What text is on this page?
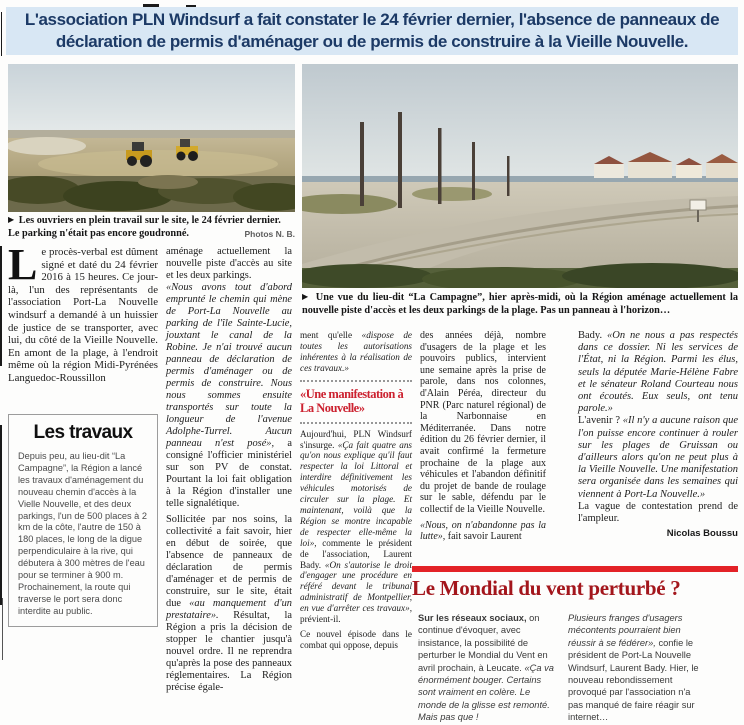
L'association PLN Windsurf a fait constater le 24 février dernier, l'absence de panneaux de déclaration de permis d'aménager ou de permis de construire à la Vieille Nouvelle.
▶ Les ouvriers en plein travail sur le site, le 24 février dernier.
Le parking n'était pas encore goudronné.	Photos N. B.
▶ Une vue du lieu-dit “La Campagne”, hier après-midi, où la Région aménage actuellement la nouvelle piste d'accès et les deux parkings de la plage. Pas un panneau à l'horizon…

Le procès-verbal est dûment signé et daté du 24 février 2016 à 15 heures. Ce jour-là, l'un des représentants de l'association Port-La Nouvelle windsurf a demandé à un huissier de justice de se transporter, avec lui, du côté de la Vieille Nouvelle. En amont de la plage, à l'endroit même où la région Midi-Pyrénées Languedoc-Roussillon

Les travaux
Depuis peu, au lieu-dit “La Campagne”, la Région a lancé les travaux d'aménagement du nouveau chemin d'accès à la Vielle Nouvelle, et des deux parkings, l'un de 500 places à 2 km de la côte, l'autre de 150 à 180 places, le long de la digue perpendiculaire à la rive, qui débutera à 300 mètres de l'eau pour se terminer à 900 m. Prochainement, la route qui traverse le port sera donc interdite au public.

aménage actuellement la nouvelle piste d'accès au site et les deux parkings.

«Nous avons tout d'abord emprunté le chemin qui mène de Port-La Nouvelle au parking de l'île Sainte-Lucie, jouxtant le canal de la Robine. Je n'ai trouvé aucun panneau de déclaration de permis d'aménager ou de permis de construire. Nous nous sommes ensuite transportés sur toute la longueur de l'avenue Adolphe-Turrel. Aucun panneau n'est posé», a consigné l'officier ministériel sur son PV de constat. Pourtant la loi fait obligation à la Région d'installer une telle signalétique.

Sollicitée par nos soins, la collectivité a fait savoir, hier en début de soirée, que l'absence de panneaux de déclaration de permis d'aménager et de permis de construire, sur le site, était due «au manquement d'un prestataire». Résultat, la Région a pris la décision de stopper le chantier jusqu'à nouvel ordre. Il ne reprendra qu'après la pose des panneaux réglementaires. La Région précise égale-

ment qu'elle «dispose de toutes les autorisations inhérentes à la réalisation de ces travaux.»

«Une manifestation à La Nouvelle»

Aujourd'hui, PLN Windsurf s'insurge. «Ça fait quatre ans qu'on nous explique qu'il faut respecter la loi Littoral et interdire définitivement les véhicules motorisés de circuler sur la plage. Et maintenant, voilà que la Région se montre incapable de respecter elle-même la loi», commente le président de l'association, Laurent Bady. «On s'autorise le droit d'engager une procédure en référé devant le tribunal administratif de Montpellier, en vue d'arrêter ces travaux», prévient-il.

Ce nouvel épisode dans le combat qui oppose, depuis

des années déjà, nombre d'usagers de la plage et les pouvoirs publics, intervient une semaine après la prise de parole, dans nos colonnes, d'Alain Péréa, directeur du PNR (Parc naturel régional) de la Narbonnaise en Méditerranée. Dans notre édition du 26 février dernier, il avait confirmé la fermeture prochaine de la plage aux véhicules et l'abandon définitif du projet de bande de roulage sur le sable, défendu par le collectif de la Vieille Nouvelle.

«Nous, on n'abandonne pas la lutte», fait savoir Laurent

Bady. «On ne nous a pas respectés dans ce dossier. Ni les services de l'État, ni la Région. Parmi les élus, seuls la députée Marie-Hélène Fabre et le sénateur Roland Courteau nous ont écoutés. Eux seuls, ont tenu parole.»

L'avenir ? «Il n'y a aucune raison que l'on puisse encore continuer à rouler sur les plages de Gruissan ou d'ailleurs alors qu'on ne peut plus à la Vieille Nouvelle. Une manifestation sera organisée dans les semaines qui viennent à Port-La Nouvelle.»

La vague de contestation prend de l'ampleur.

Nicolas Boussu

Le Mondial du vent perturbé ?
Sur les réseaux sociaux, on continue d'évoquer, avec insistance, la possibilité de perturber le Mondial du Vent en avril prochain, à Leucate. «Ça va énormément bouger. Certains sont vraiment en colère. Le monde de la glisse est remonté. Mais pas que !
Plusieurs franges d'usagers mécontents pourraient bien réussir à se fédérer», confie le président de Port-La Nouvelle Windsurf, Laurent Bady. Hier, le nouveau rebondissement provoqué par l'association n'a pas manqué de faire réagir sur internet…
